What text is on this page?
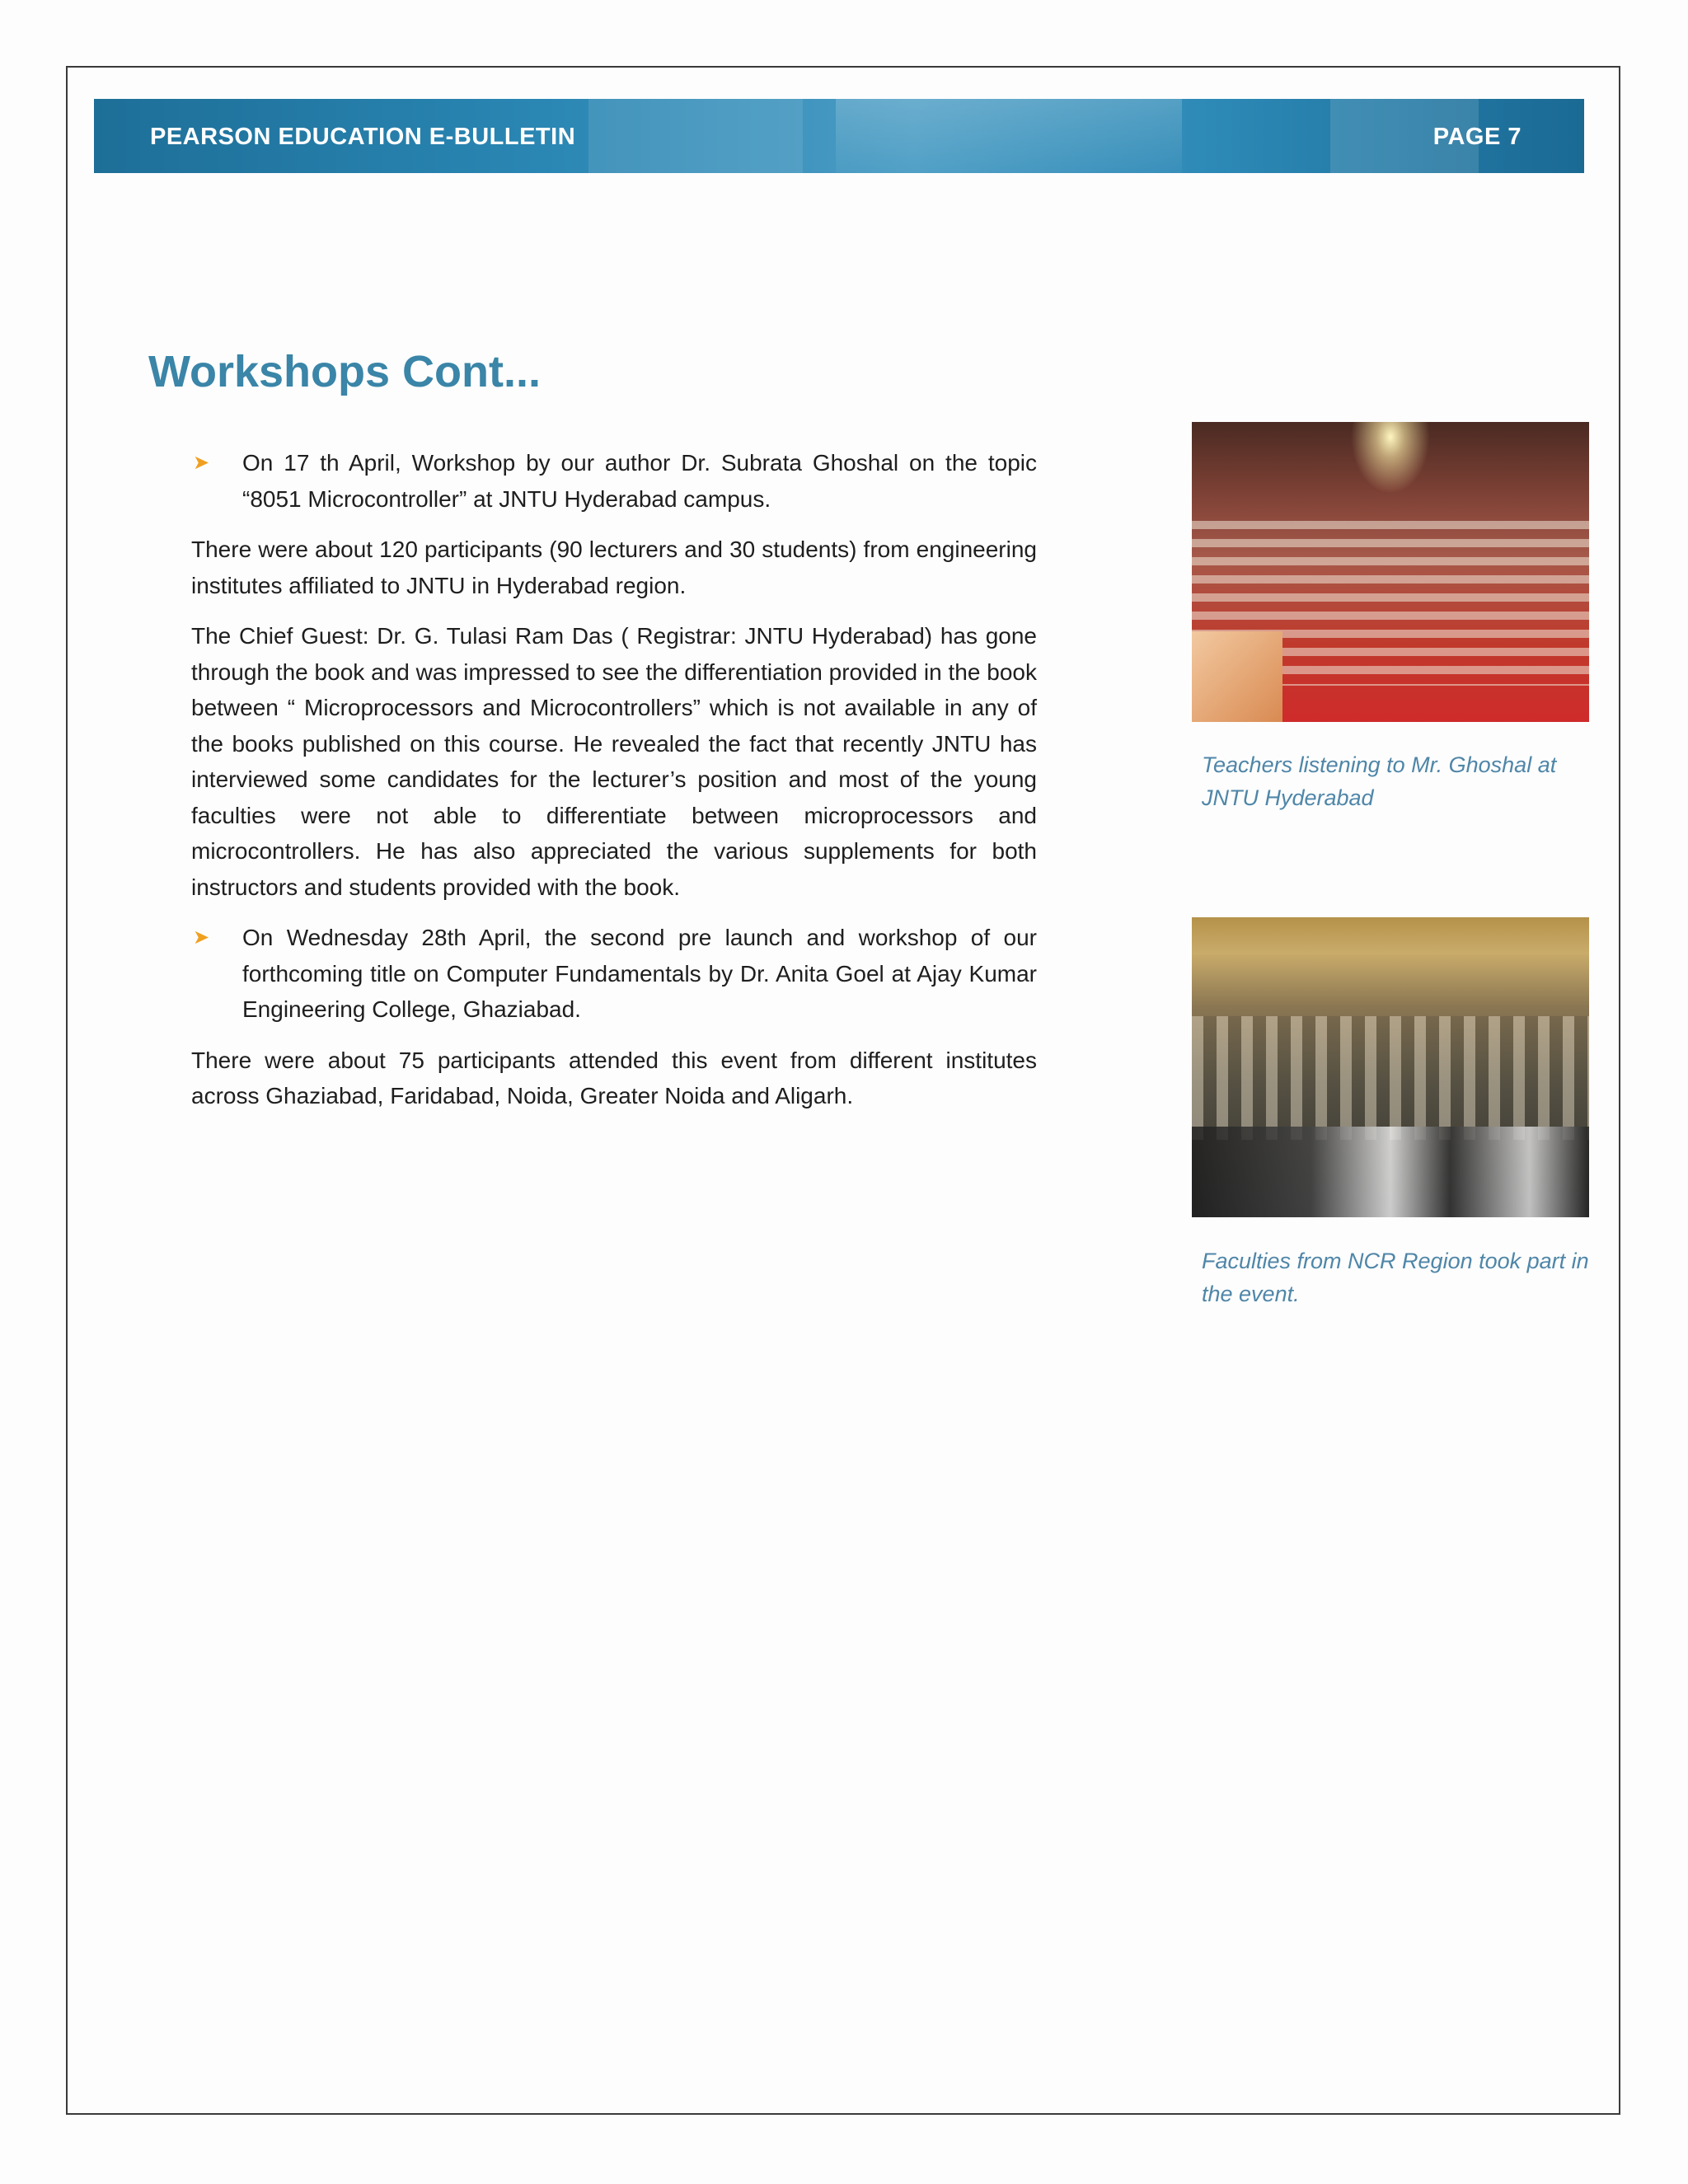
PEARSON EDUCATION E-BULLETIN	PAGE 7
Workshops Cont...
➤ On 17 th April, Workshop by our author Dr. Subrata Ghoshal on the topic “8051 Microcontroller” at JNTU Hyderabad campus.

There were about 120 participants (90 lecturers and 30 students) from engineering institutes affiliated to JNTU in Hyderabad region.

The Chief Guest: Dr. G. Tulasi Ram Das ( Registrar: JNTU Hyderabad) has gone through the book and was impressed to see the differentiation provided in the book between “ Microprocessors and Microcontrollers” which is not available in any of the books published on this course. He revealed the fact that recently JNTU has interviewed some candidates for the lecturer’s position and most of the young faculties were not able to differentiate between microprocessors and microcontrollers. He has also appreciated the various supplements for both instructors and students provided with the book.

➤ On Wednesday 28th April, the second pre launch and workshop of our forthcoming title on Computer Fundamentals by Dr. Anita Goel at Ajay Kumar Engineering College, Ghaziabad.

There were about 75 participants attended this event from different institutes across Ghaziabad, Faridabad, Noida, Greater Noida and Aligarh.

Teachers listening to Mr. Ghoshal at JNTU Hyderabad
Faculties from NCR Region took part in the event.
